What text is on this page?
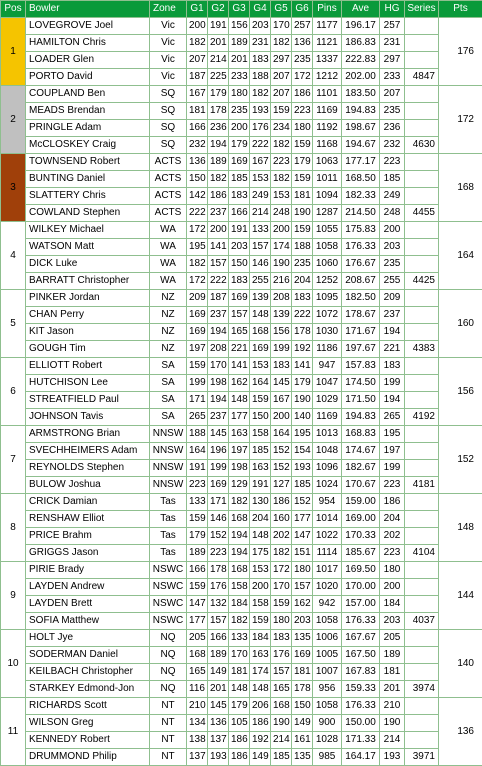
Pos	Bowler	Zone	G1	G2	G3	G4	G5	G6	Pins	Ave	HG	Series	Pts
1	LOVEGROVE Joel	Vic	200	191	156	203	170	257	1177	196.17	257		176
	HAMILTON Chris	Vic	182	201	189	231	182	136	1121	186.83	231		
	LOADER Glen	Vic	207	214	201	183	297	235	1337	222.83	297		
	PORTO David	Vic	187	225	233	188	207	172	1212	202.00	233	4847	
2	COUPLAND Ben	SQ	167	179	180	182	207	186	1101	183.50	207		172
	MEADS Brendan	SQ	181	178	235	193	159	223	1169	194.83	235		
	PRINGLE Adam	SQ	166	236	200	176	234	180	1192	198.67	236		
	McCLOSKEY Craig	SQ	232	194	179	222	182	159	1168	194.67	232	4630	
3	TOWNSEND Robert	ACTS	136	189	169	167	223	179	1063	177.17	223		168
	BUNTING Daniel	ACTS	150	182	185	153	182	159	1011	168.50	185		
	SLATTERY Chris	ACTS	142	186	183	249	153	181	1094	182.33	249		
	COWLAND Stephen	ACTS	222	237	166	214	248	190	1287	214.50	248	4455	
4	WILKEY Michael	WA	172	200	191	133	200	159	1055	175.83	200		164
	WATSON Matt	WA	195	141	203	157	174	188	1058	176.33	203		
	DICK Luke	WA	182	157	150	146	190	235	1060	176.67	235		
	BARRATT Christopher	WA	172	222	183	255	216	204	1252	208.67	255	4425	
5	PINKER Jordan	NZ	209	187	169	139	208	183	1095	182.50	209		160
	CHAN Perry	NZ	169	237	157	148	139	222	1072	178.67	237		
	KIT Jason	NZ	169	194	165	168	156	178	1030	171.67	194		
	GOUGH Tim	NZ	197	208	221	169	199	192	1186	197.67	221	4383	
6	ELLIOTT Robert	SA	159	170	141	153	183	141	947	157.83	183		156
	HUTCHISON Lee	SA	199	198	162	164	145	179	1047	174.50	199		
	STREATFIELD Paul	SA	171	194	148	159	167	190	1029	171.50	194		
	JOHNSON Tavis	SA	265	237	177	150	200	140	1169	194.83	265	4192	
7	ARMSTRONG Brian	NNSW	188	145	163	158	164	195	1013	168.83	195		152
	SVECHHEIMERS Adam	NNSW	164	196	197	185	152	154	1048	174.67	197		
	REYNOLDS Stephen	NNSW	191	199	198	163	152	193	1096	182.67	199		
	BULOW Joshua	NNSW	223	169	129	191	127	185	1024	170.67	223	4181	
8	CRICK Damian	Tas	133	171	182	130	186	152	954	159.00	186		148
	RENSHAW Elliot	Tas	159	146	168	204	160	177	1014	169.00	204		
	PRICE Brahm	Tas	179	152	194	148	202	147	1022	170.33	202		
	GRIGGS Jason	Tas	189	223	194	175	182	151	1114	185.67	223	4104	
9	PIRIE Brady	NSWC	166	178	168	153	172	180	1017	169.50	180		144
	LAYDEN Andrew	NSWC	159	176	158	200	170	157	1020	170.00	200		
	LAYDEN Brett	NSWC	147	132	184	158	159	162	942	157.00	184		
	SOFIA Matthew	NSWC	177	157	182	159	180	203	1058	176.33	203	4037	
10	HOLT Jye	NQ	205	166	133	184	183	135	1006	167.67	205		140
	SODERMAN Daniel	NQ	168	189	170	163	176	169	1005	167.50	189		
	KEILBACH Christopher	NQ	165	149	181	174	157	181	1007	167.83	181		
	STARKEY Edmond-Jon	NQ	116	201	148	148	165	178	956	159.33	201	3974	
11	RICHARDS Scott	NT	210	145	179	206	168	150	1058	176.33	210		136
	WILSON Greg	NT	134	136	105	186	190	149	900	150.00	190		
	KENNEDY Robert	NT	138	137	186	192	214	161	1028	171.33	214		
	DRUMMOND Philip	NT	137	193	186	149	185	135	985	164.17	193	3971	
